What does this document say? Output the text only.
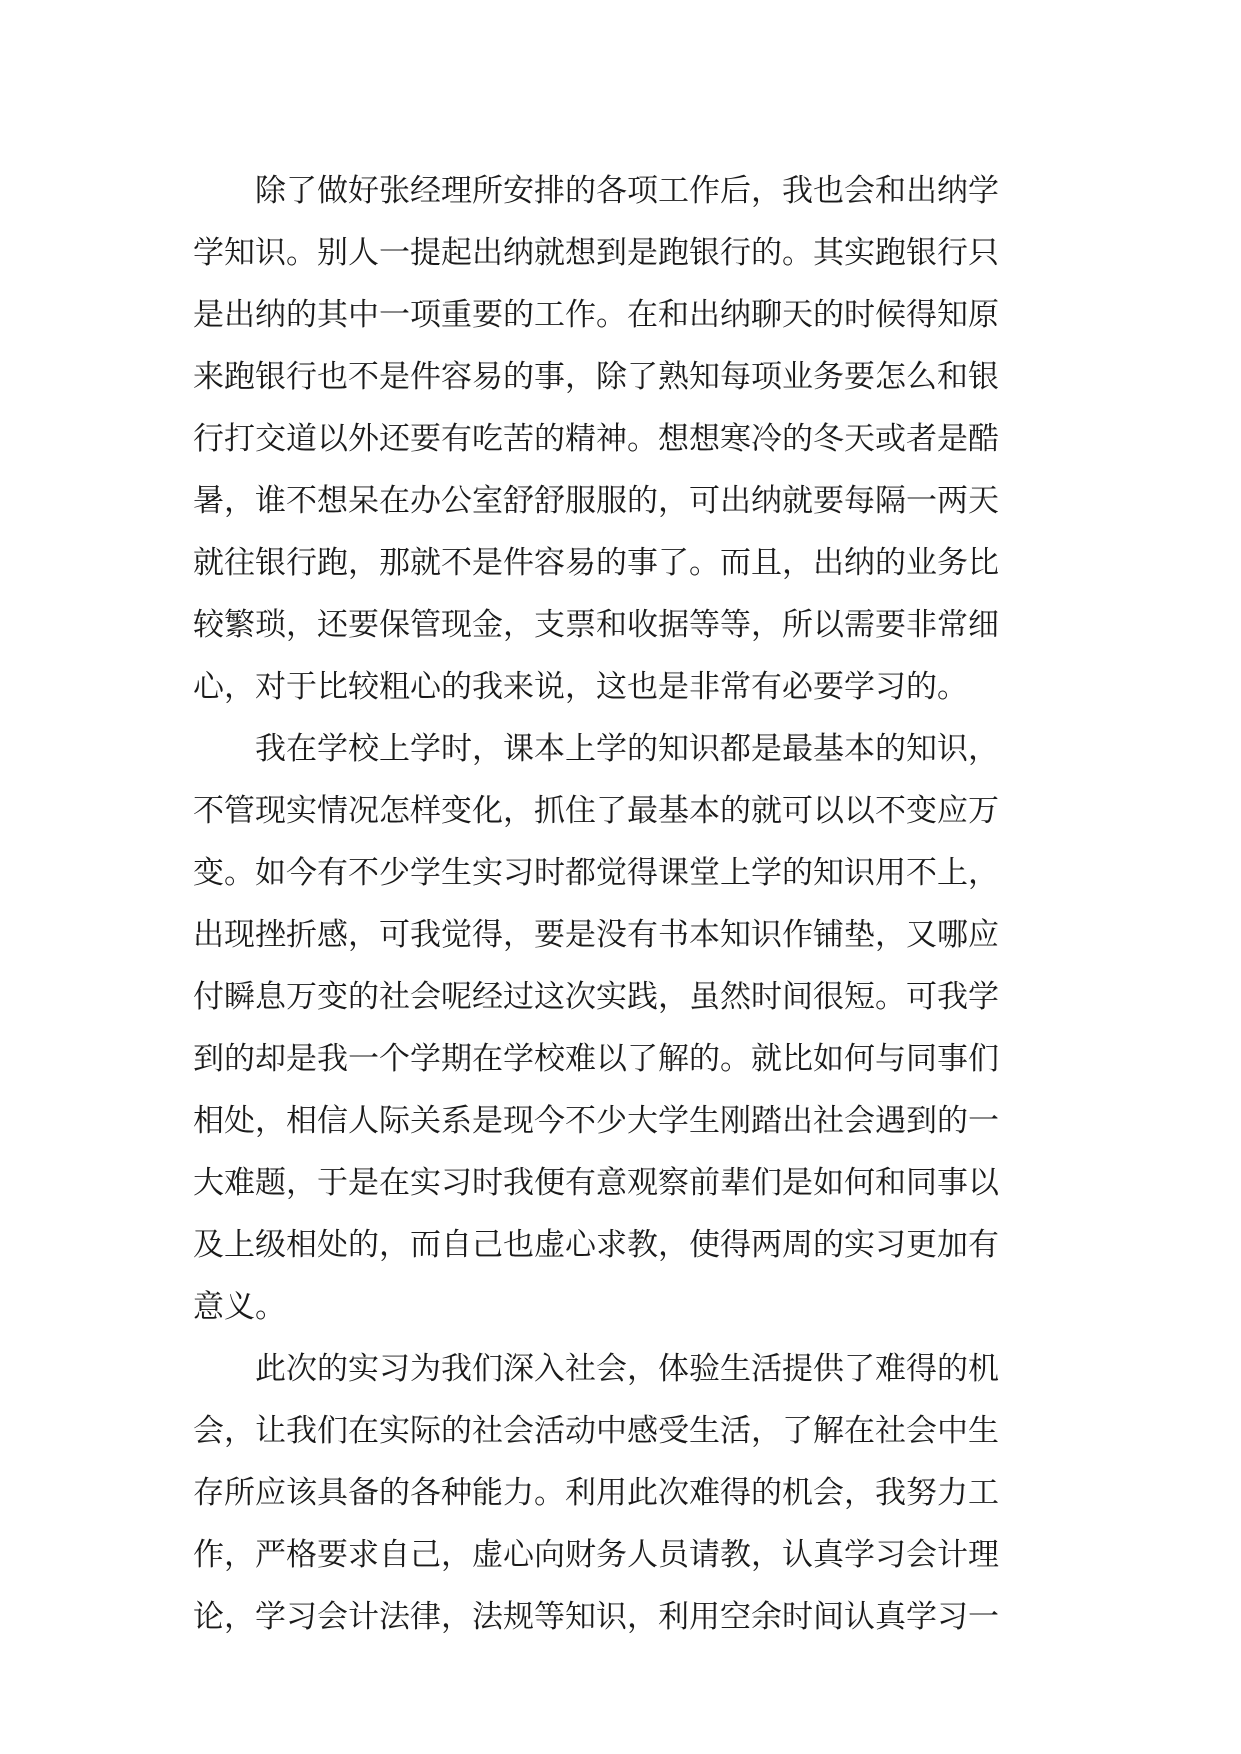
　　除了做好张经理所安排的各项工作后，我也会和出纳学
学知识。别人一提起出纳就想到是跑银行的。其实跑银行只
是出纳的其中一项重要的工作。在和出纳聊天的时候得知原
来跑银行也不是件容易的事，除了熟知每项业务要怎么和银
行打交道以外还要有吃苦的精神。想想寒冷的冬天或者是酷
暑，谁不想呆在办公室舒舒服服的，可出纳就要每隔一两天
就往银行跑，那就不是件容易的事了。而且，出纳的业务比
较繁琐，还要保管现金，支票和收据等等，所以需要非常细
心，对于比较粗心的我来说，这也是非常有必要学习的。
　　我在学校上学时，课本上学的知识都是最基本的知识，
不管现实情况怎样变化，抓住了最基本的就可以以不变应万
变。如今有不少学生实习时都觉得课堂上学的知识用不上，
出现挫折感，可我觉得，要是没有书本知识作铺垫，又哪应
付瞬息万变的社会呢经过这次实践，虽然时间很短。可我学
到的却是我一个学期在学校难以了解的。就比如何与同事们
相处，相信人际关系是现今不少大学生刚踏出社会遇到的一
大难题，于是在实习时我便有意观察前辈们是如何和同事以
及上级相处的，而自己也虚心求教，使得两周的实习更加有
意义。
　　此次的实习为我们深入社会，体验生活提供了难得的机
会，让我们在实际的社会活动中感受生活，了解在社会中生
存所应该具备的各种能力。利用此次难得的机会，我努力工
作，严格要求自己，虚心向财务人员请教，认真学习会计理
论，学习会计法律，法规等知识，利用空余时间认真学习一
